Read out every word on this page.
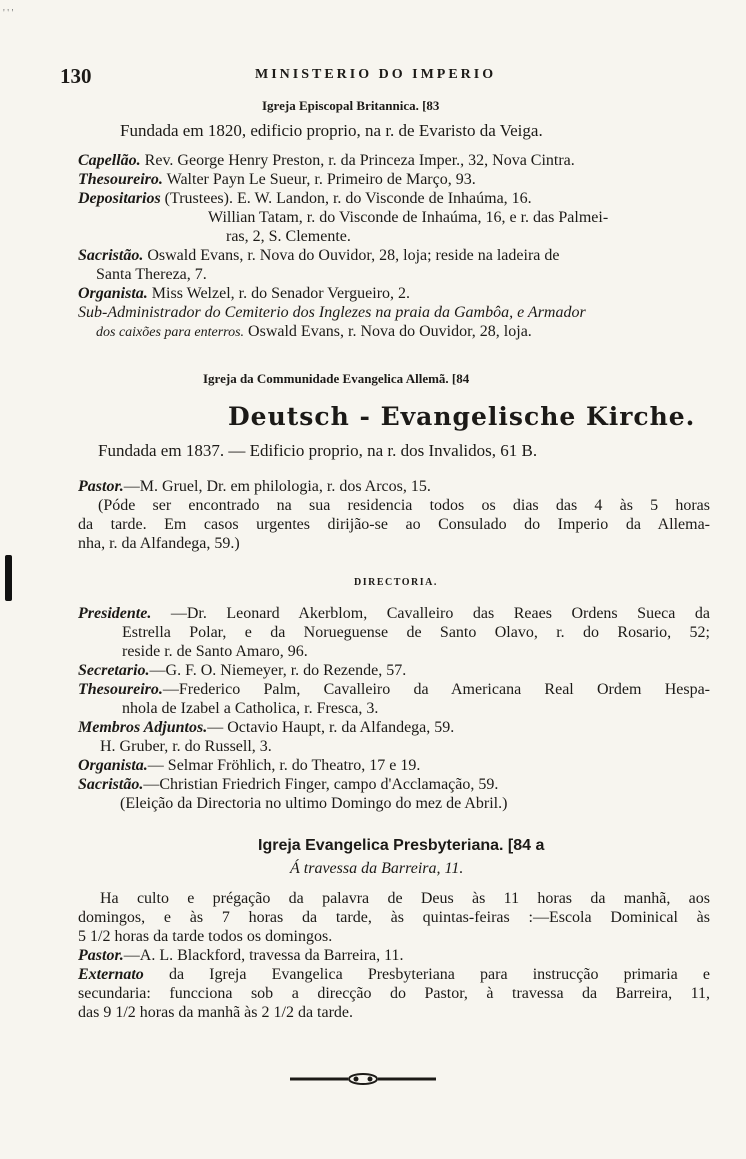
' ' '
130	MINISTERIO DO IMPERIO
Igreja Episcopal Britannica. [83
Fundada em 1820, edificio proprio, na r. de Evaristo da Veiga.
Capellão. Rev. George Henry Preston, r. da Princeza Imper., 32, Nova Cintra.
Thesoureiro. Walter Payn Le Sueur, r. Primeiro de Março, 93.
Depositarios (Trustees). E. W. Landon, r. do Visconde de Inhaúma, 16.
Willian Tatam, r. do Visconde de Inhaúma, 16, e r. das Palmei-
ras, 2, S. Clemente.
Sacristão. Oswald Evans, r. Nova do Ouvidor, 28, loja; reside na ladeira de
Santa Thereza, 7.
Organista. Miss Welzel, r. do Senador Vergueiro, 2.
Sub-Administrador do Cemiterio dos Inglezes na praia da Gambôa, e Armador
dos caixões para enterros. Oswald Evans, r. Nova do Ouvidor, 28, loja.
Igreja da Communidade Evangelica Allemã. [84
Deutsch - Evangelische Kirche.
Fundada em 1837. — Edificio proprio, na r. dos Invalidos, 61 B.
Pastor.—M. Gruel, Dr. em philologia, r. dos Arcos, 15.
(Póde ser encontrado na sua residencia todos os dias das 4 às 5 horas
da tarde. Em casos urgentes dirijão-se ao Consulado do Imperio da Allema-
nha, r. da Alfandega, 59.)
DIRECTORIA.
Presidente. —Dr. Leonard Akerblom, Cavalleiro das Reaes Ordens Sueca da
Estrella Polar, e da Norueguense de Santo Olavo, r. do Rosario, 52;
reside r. de Santo Amaro, 96.
Secretario.—G. F. O. Niemeyer, r. do Rezende, 57.
Thesoureiro.—Frederico Palm, Cavalleiro da Americana Real Ordem Hespa-
nhola de Izabel a Catholica, r. Fresca, 3.
Membros Adjuntos.— Octavio Haupt, r. da Alfandega, 59.
H. Gruber, r. do Russell, 3.
Organista.— Selmar Fröhlich, r. do Theatro, 17 e 19.
Sacristão.—Christian Friedrich Finger, campo d'Acclamação, 59.
(Eleição da Directoria no ultimo Domingo do mez de Abril.)
Igreja Evangelica Presbyteriana. [84 a
Á travessa da Barreira, 11.
Ha culto e prégação da palavra de Deus às 11 horas da manhã, aos
domingos, e às 7 horas da tarde, às quintas-feiras :—Escola Dominical às
5 1/2 horas da tarde todos os domingos.
Pastor.—A. L. Blackford, travessa da Barreira, 11.
Externato da Igreja Evangelica Presbyteriana para instrucção primaria e
secundaria: funcciona sob a direcção do Pastor, à travessa da Barreira, 11,
das 9 1/2 horas da manhã às 2 1/2 da tarde.
